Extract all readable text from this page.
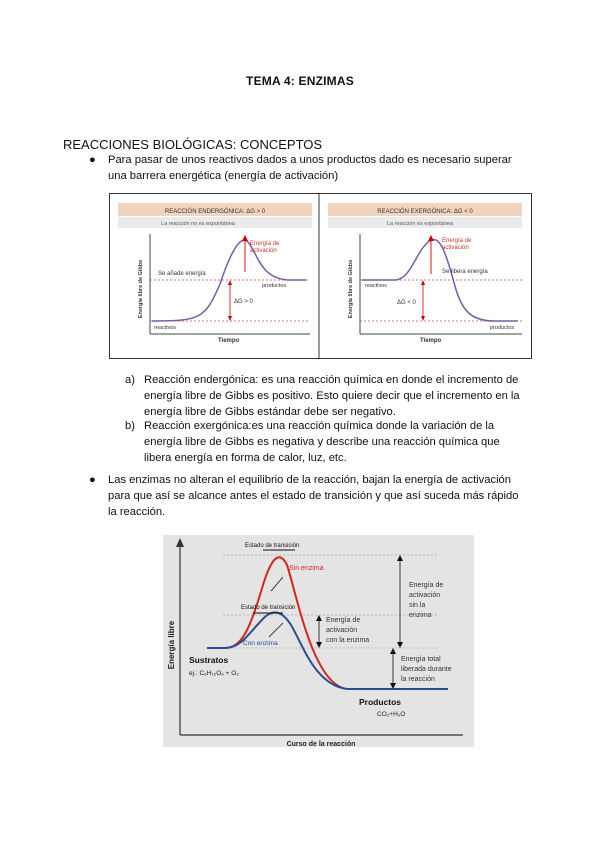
TEMA 4: ENZIMAS
REACCIONES BIOLÓGICAS: CONCEPTOS
● Para pasar de unos reactivos dados a unos productos dado es necesario superar una barrera energética (energía de activación)
REACCIÓN ENDERGÓNICA: ΔG > 0
La reacción no es espontánea
Energía libre de Gibbs
Tiempo
Energía de
activación
Se añade energía
productos
ΔG > 0
reactivos
REACCIÓN EXERGÓNICA: ΔG < 0
La reacción es espontánea
Energía libre de Gibbs
Tiempo
Energía de
activación
Se libera energía
reactivos
ΔG < 0
productos
a) Reacción endergónica: es una reacción química en donde el incremento de energía libre de Gibbs es positivo. Esto quiere decir que el incremento en la energía libre de Gibbs estándar debe ser negativo.
b) Reacción exergónica:es una reacción química donde la variación de la energía libre de Gibbs es negativa y describe una reacción química que libera energía en forma de calor, luz, etc.
● Las enzimas no alteran el equilibrio de la reacción, bajan la energía de activación para que así se alcance antes el estado de transición y que así suceda más rápido la reacción.
Energía libre
Curso de la reacción
Estado de transición
Estado de transición
Sin enzima
Con enzima
Energía de
activación
sin la
enzima
Energía de
activación
con la enzima
Energía total
liberada durante
la reacción
Sustratos
ej.: C₆H₁₂O₆ + O₂
Productos
CO₂+H₂O
